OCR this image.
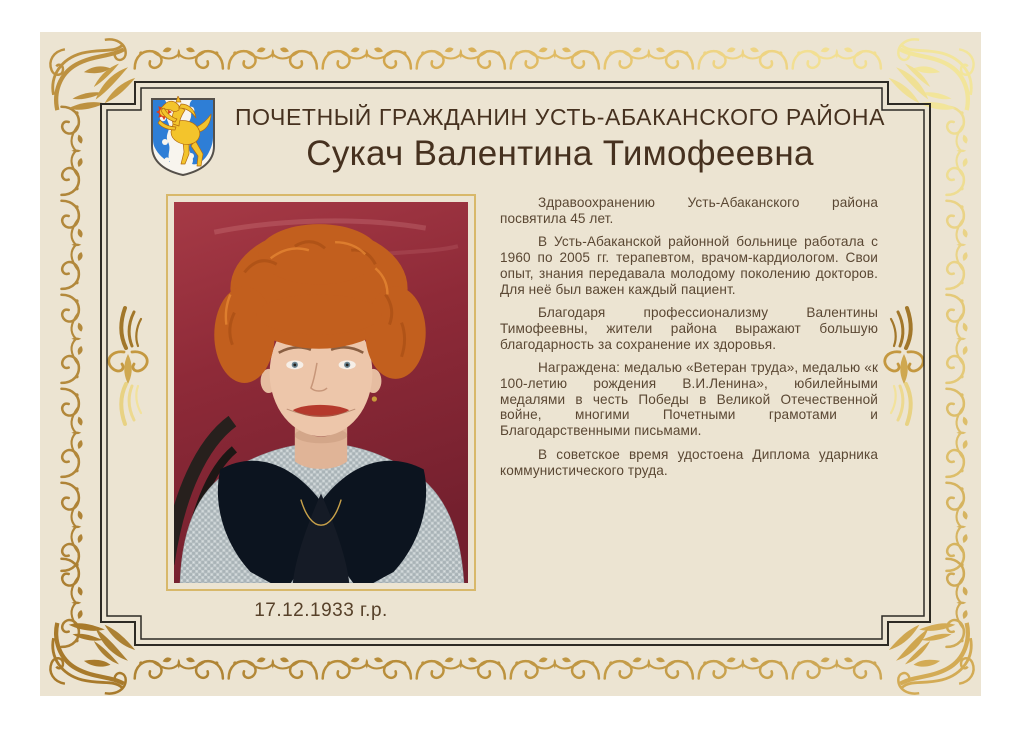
ПОЧЕТНЫЙ ГРАЖДАНИН УСТЬ-АБАКАНСКОГО РАЙОНА
Сукач Валентина Тимофеевна
17.12.1933 г.р.

Здравоохранению Усть-Абаканского района посвятила 45 лет.

В Усть-Абаканской районной больнице работала с 1960 по 2005 гг. терапевтом, врачом-кардиологом. Свои опыт, знания передавала молодому поколению докторов. Для неё был важен каждый пациент.

Благодаря профессионализму Валентины Тимофеевны, жители района выражают большую благодарность за сохранение их здоровья.

Награждена: медалью «Ветеран труда», медалью «к 100-летию рождения В.И.Ленина», юбилейными медалями в честь Победы в Великой Отечественной войне, многими Почетными грамотами и Благодарственными письмами.

В советское время удостоена Диплома ударника коммунистического труда.
